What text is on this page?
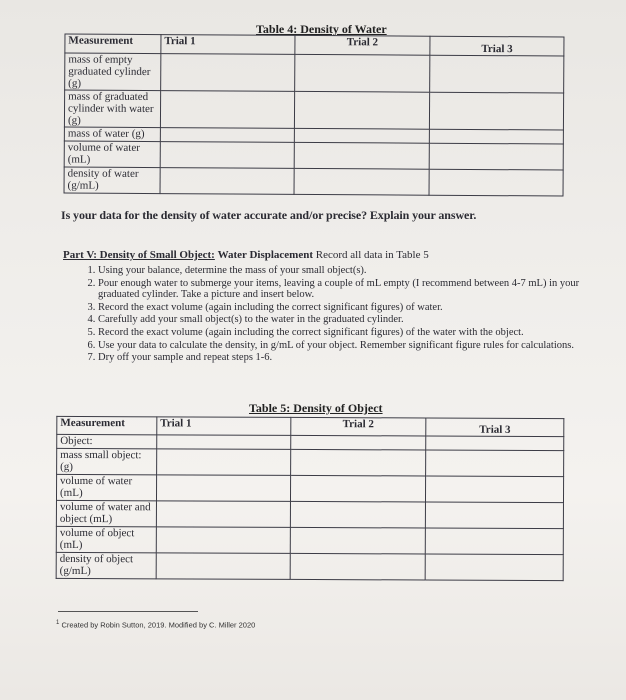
Table 4: Density of Water
Measurement	Trial 1	Trial 2	Trial 3
mass of empty graduated cylinder (g)			
mass of graduated cylinder with water (g)			
mass of water (g)			
volume of water (mL)			
density of water (g/mL)			
Is your data for the density of water accurate and/or precise? Explain your answer.
Part V: Density of Small Object: Water Displacement Record all data in Table 5
1. Using your balance, determine the mass of your small object(s).
2. Pour enough water to submerge your items, leaving a couple of mL empty (I recommend between 4-7 mL) in your graduated cylinder. Take a picture and insert below.
3. Record the exact volume (again including the correct significant figures) of water.
4. Carefully add your small object(s) to the water in the graduated cylinder.
5. Record the exact volume (again including the correct significant figures) of the water with the object.
6. Use your data to calculate the density, in g/mL of your object. Remember significant figure rules for calculations.
7. Dry off your sample and repeat steps 1-6.
Table 5: Density of Object
Measurement	Trial 1	Trial 2	Trial 3
Object:			
mass small object: (g)			
volume of water (mL)			
volume of water and object (mL)			
volume of object (mL)			
density of object (g/mL)			
$^1$ Created by Robin Sutton, 2019. Modified by C. Miller 2020
